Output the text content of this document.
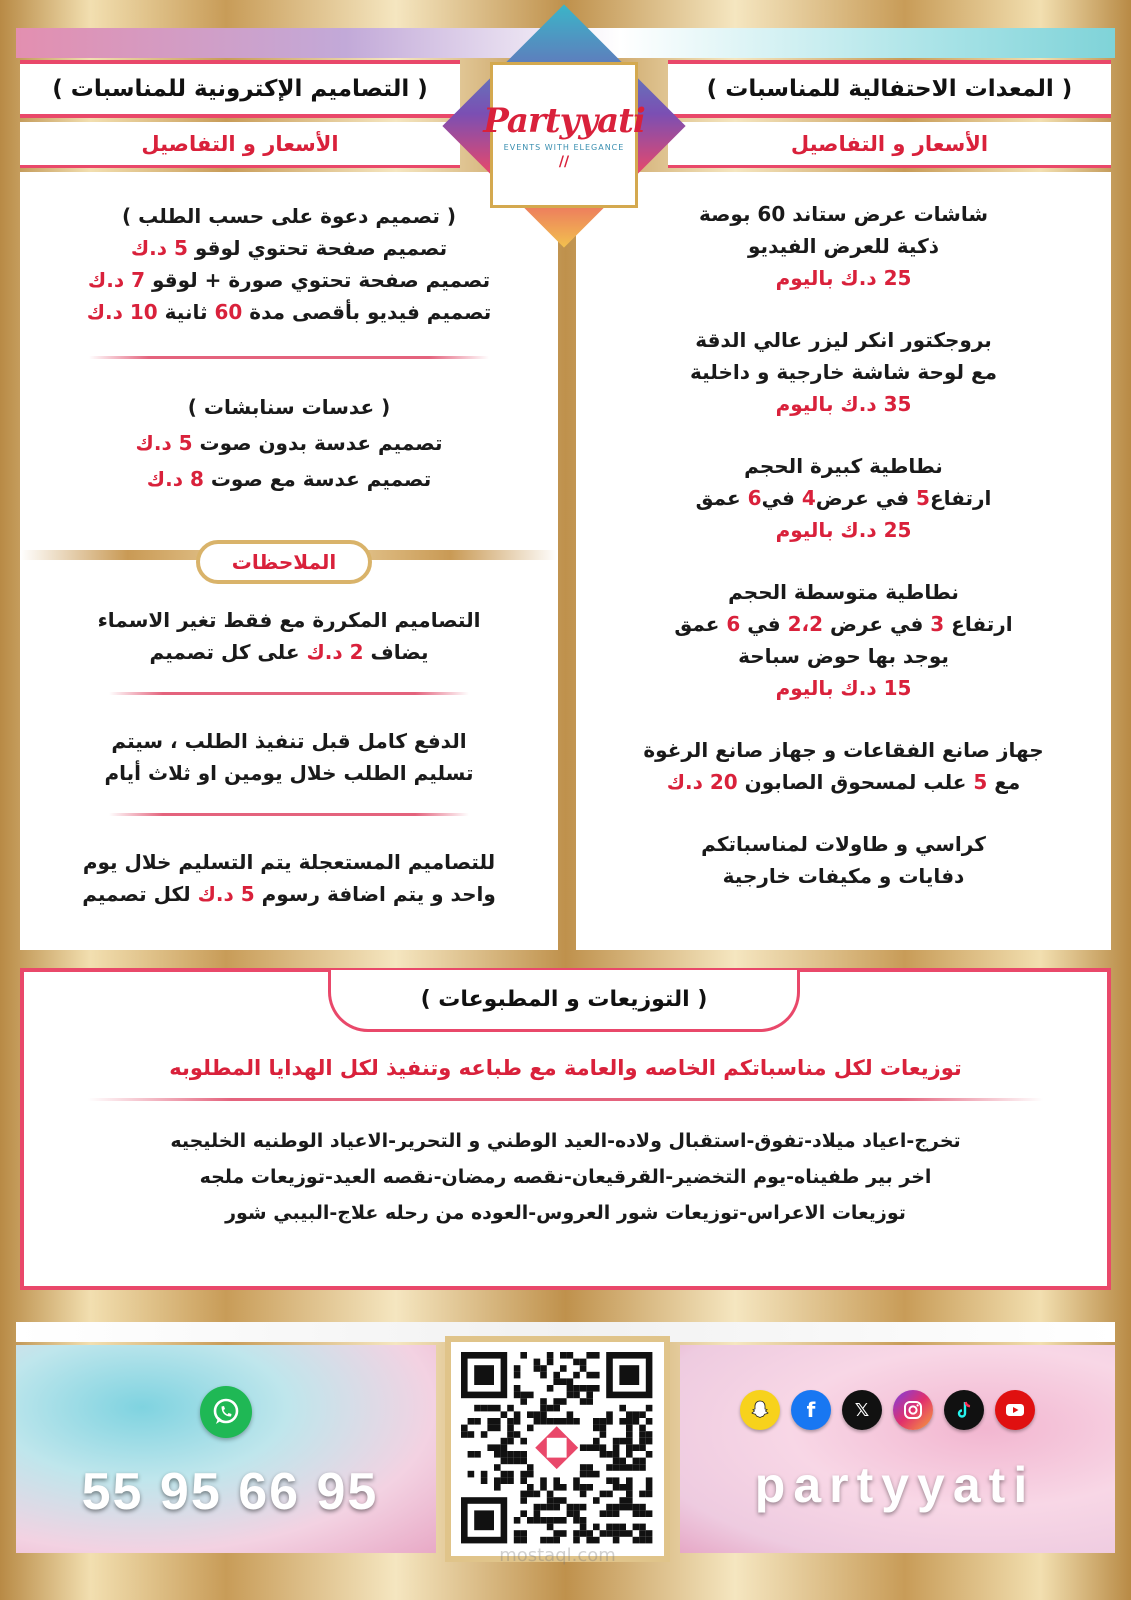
( التصاميم الإكترونية للمناسبات )	( المعدات الاحتفالية للمناسبات )
الأسعار و التفاصيل	الأسعار و التفاصيل
Partyyati
EVENTS WITH ELEGANCE
//
( تصميم دعوة على حسب الطلب )
تصميم صفحة تحتوي لوقو 5 د.ك
تصميم صفحة تحتوي صورة + لوقو 7 د.ك
تصميم فيديو بأقصى مدة 60 ثانية 10 د.ك
( عدسات سنابشات )
تصميم عدسة بدون صوت 5 د.ك
تصميم عدسة مع صوت 8 د.ك
الملاحظات
التصاميم المكررة مع فقط تغير الاسماء
يضاف 2 د.ك على كل تصميم
الدفع كامل قبل تنفيذ الطلب ، سيتم
تسليم الطلب خلال يومين او ثلاث أيام
للتصاميم المستعجلة يتم التسليم خلال يوم
واحد و يتم اضافة رسوم 5 د.ك لكل تصميم
شاشات عرض ستاند 60 بوصة
ذكية للعرض الفيديو
25 د.ك باليوم
بروجكتور انكر ليزر عالي الدقة
مع لوحة شاشة خارجية و داخلية
35 د.ك باليوم
نطاطية كبيرة الحجم
ارتفاع5 في عرض4 في6 عمق
25 د.ك باليوم
نطاطية متوسطة الحجم
ارتفاع 3 في عرض 2،2 في 6 عمق
يوجد بها حوض سباحة
15 د.ك باليوم
جهاز صانع الفقاعات و جهاز صانع الرغوة
مع 5 علب لمسحوق الصابون 20 د.ك
كراسي و طاولات لمناسباتكم
دفايات و مكيفات خارجية
( التوزيعات و المطبوعات )
توزيعات لكل مناسباتكم الخاصه والعامة مع طباعه وتنفيذ لكل الهدايا المطلوبه
تخرج-اعياد ميلاد-تفوق-استقبال ولاده-العيد الوطني و التحرير-الاعياد الوطنيه الخليجيه
اخر بير طفيناه-يوم التخضير-القرقيعان-نقصه رمضان-نقصه العيد-توزيعات ملجه
توزيعات الاعراس-توزيعات شور العروس-العوده من رحله علاج-البيبي شور
55 95 66 95
f	𝕏
partyyati
mostaql.com
